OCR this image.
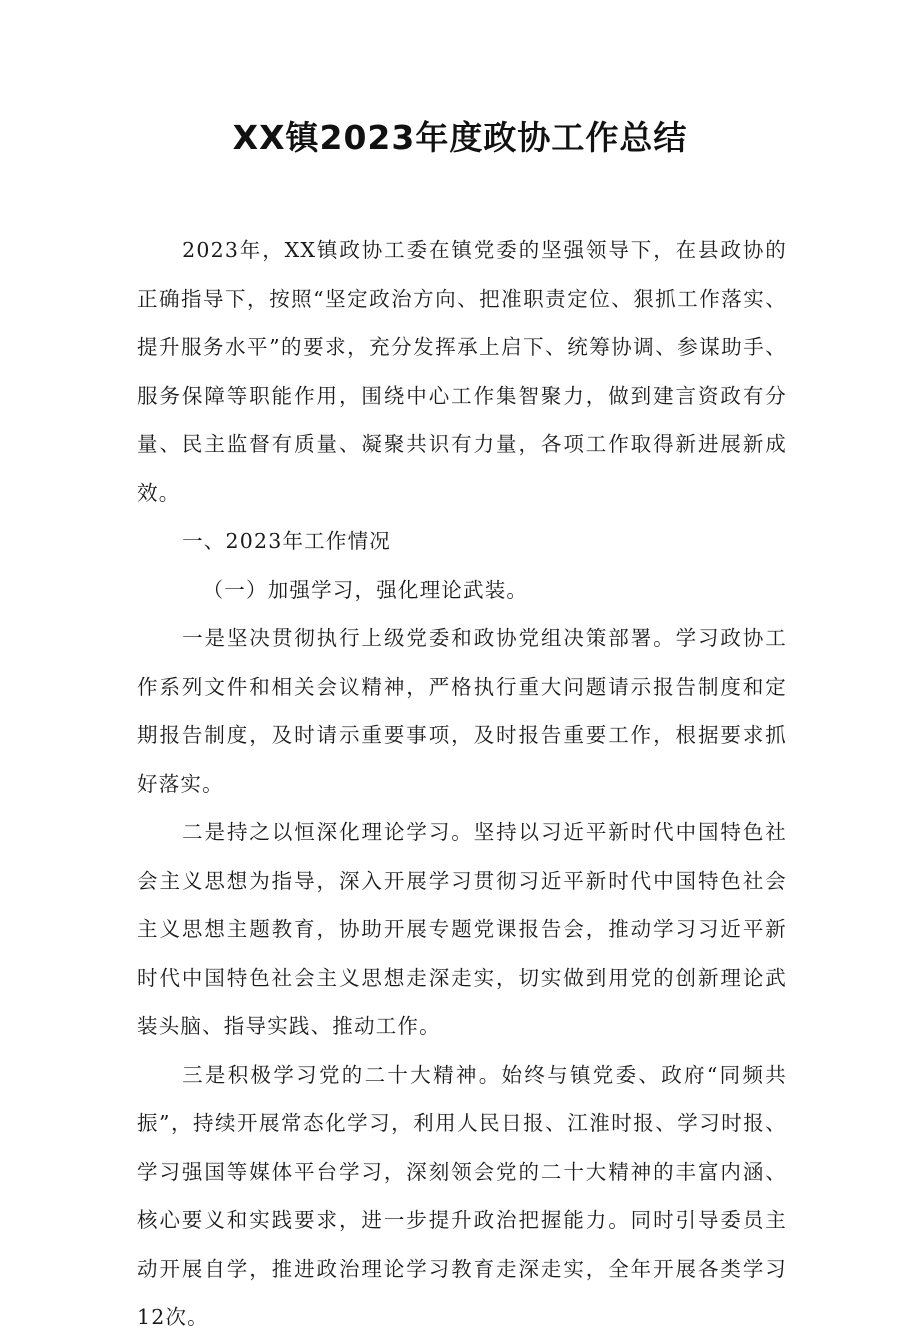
XX镇2023年度政协工作总结

2023年，XX镇政协工委在镇党委的坚强领导下，在县政协的正确指导下，按照“坚定政治方向、把准职责定位、狠抓工作落实、提升服务水平”的要求，充分发挥承上启下、统筹协调、参谋助手、服务保障等职能作用，围绕中心工作集智聚力，做到建言资政有分量、民主监督有质量、凝聚共识有力量，各项工作取得新进展新成效。

一、2023年工作情况

（一）加强学习，强化理论武装。

一是坚决贯彻执行上级党委和政协党组决策部署。学习政协工作系列文件和相关会议精神，严格执行重大问题请示报告制度和定期报告制度，及时请示重要事项，及时报告重要工作，根据要求抓好落实。

二是持之以恒深化理论学习。坚持以习近平新时代中国特色社会主义思想为指导，深入开展学习贯彻习近平新时代中国特色社会主义思想主题教育，协助开展专题党课报告会，推动学习习近平新时代中国特色社会主义思想走深走实，切实做到用党的创新理论武装头脑、指导实践、推动工作。

三是积极学习党的二十大精神。始终与镇党委、政府“同频共振”，持续开展常态化学习，利用人民日报、江淮时报、学习时报、学习强国等媒体平台学习，深刻领会党的二十大精神的丰富内涵、核心要义和实践要求，进一步提升政治把握能力。同时引导委员主动开展自学，推进政治理论学习教育走深走实，全年开展各类学习12次。
